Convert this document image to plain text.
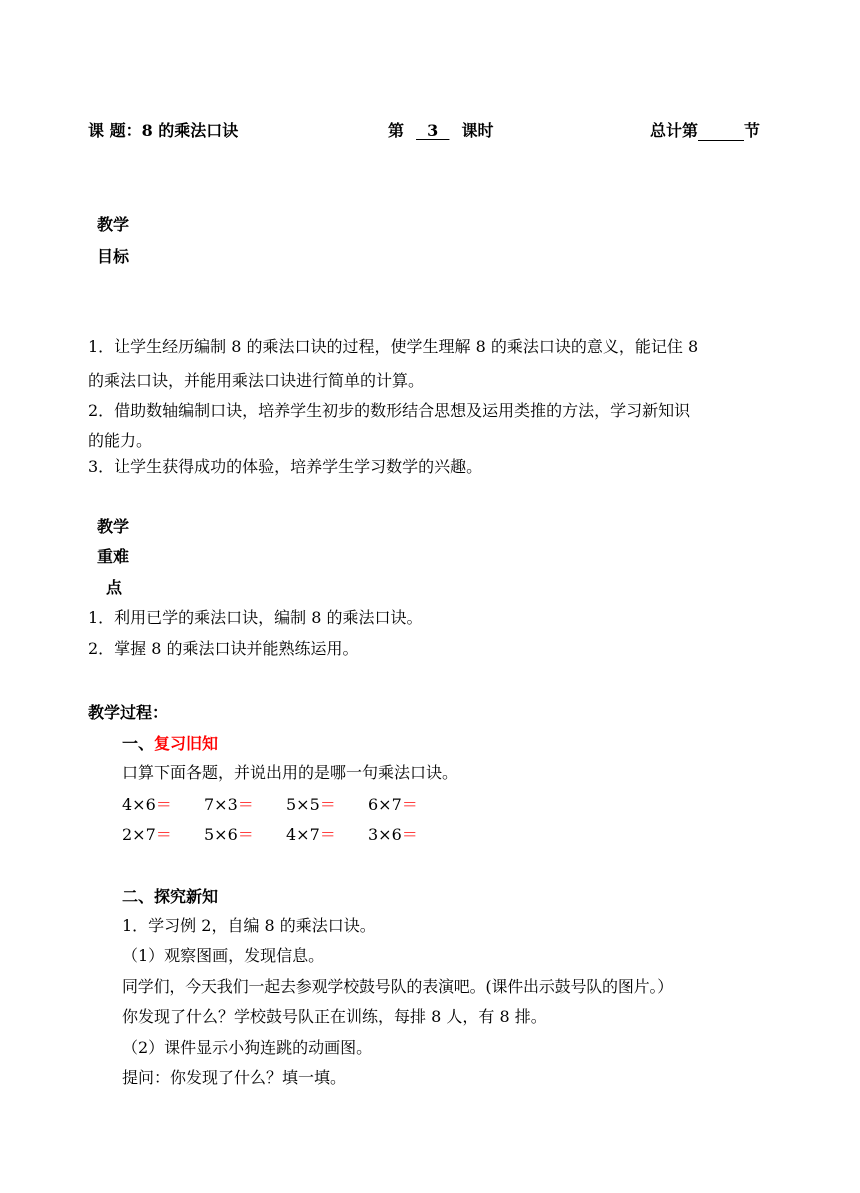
课 题：8 的乘法口诀	第  3  课时	总计第	节
教学
目标
1．让学生经历编制 8 的乘法口诀的过程，使学生理解 8 的乘法口诀的意义，能记住 8
的乘法口诀，并能用乘法口诀进行简单的计算。
2．借助数轴编制口诀，培养学生初步的数形结合思想及运用类推的方法，学习新知识
的能力。
3．让学生获得成功的体验，培养学生学习数学的兴趣。
教学
重难
点
1．利用已学的乘法口诀，编制 8 的乘法口诀。
2．掌握 8 的乘法口诀并能熟练运用。
教学过程：
一、复习旧知
口算下面各题，并说出用的是哪一句乘法口诀。
4×6＝ 7×3＝ 5×5＝ 6×7＝
2×7＝ 5×6＝ 4×7＝ 3×6＝
二、探究新知
1．学习例 2，自编 8 的乘法口诀。
（1）观察图画，发现信息。
同学们，今天我们一起去参观学校鼓号队的表演吧。(课件出示鼓号队的图片。）
你发现了什么？学校鼓号队正在训练，每排 8 人，有 8 排。
（2）课件显示小狗连跳的动画图。
提问：你发现了什么？填一填。
